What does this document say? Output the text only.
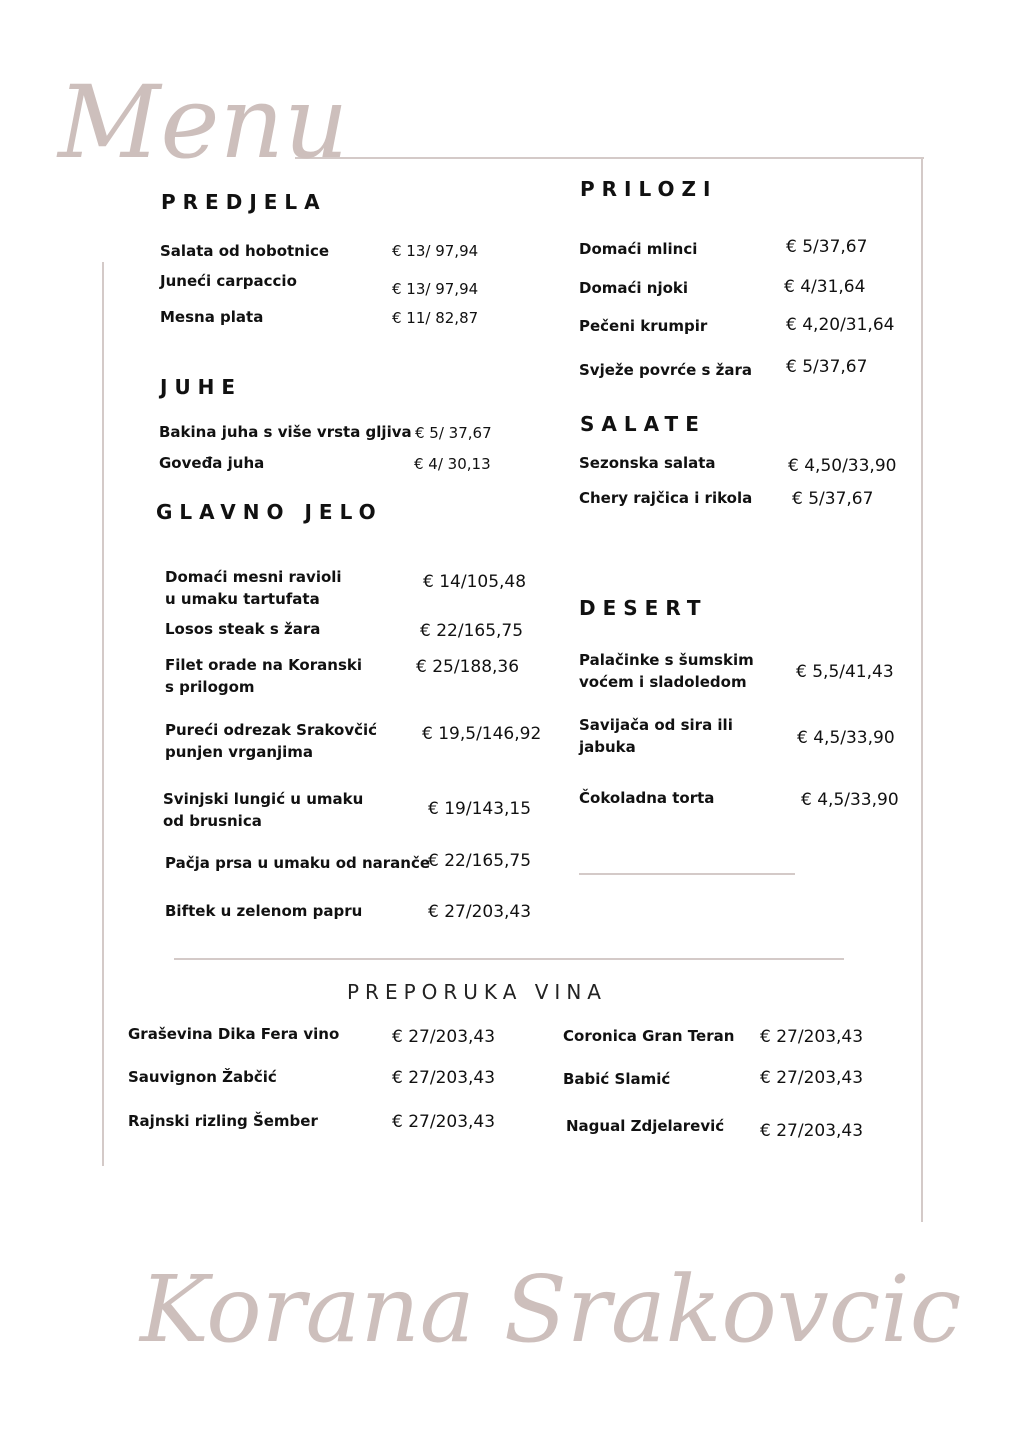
Menu
Korana Srakovcic
PREDJELA
Salata od hobotnice	€ 13/ 97,94
Juneći carpaccio	€ 13/ 97,94
Mesna plata	€ 11/ 82,87
JUHE
Bakina juha s više vrsta gljiva € 5/ 37,67
Goveđa juha	€ 4/ 30,13
GLAVNO JELO
Domaći mesni ravioli
u umaku tartufata
€ 14/105,48
Losos steak s žara	€ 22/165,75
Filet orade na Koranski
s prilogom
€ 25/188,36
Pureći odrezak Srakovčić
punjen vrganjima
€ 19,5/146,92
Svinjski lungić u umaku
od brusnica
€ 19/143,15
Pačja prsa u umaku od naranče
€ 22/165,75
Biftek u zelenom papru	€ 27/203,43
PRILOZI
Domaći mlinci	€ 5/37,67
Domaći njoki	€ 4/31,64
Pečeni krumpir	€ 4,20/31,64
Svježe povrće s žara € 5/37,67
SALATE
Sezonska salata	€ 4,50/33,90
Chery rajčica i rikola € 5/37,67
DESERT
Palačinke s šumskim
voćem i sladoledom	€ 5,5/41,43
Savijača od sira ili
jabuka	€ 4,5/33,90
Čokoladna torta	€ 4,5/33,90
PREPORUKA VINA
Graševina Dika Fera vino	€ 27/203,43
Sauvignon Žabčić	€ 27/203,43
Rajnski rizling Šember	€ 27/203,43
Coronica Gran Teran € 27/203,43
Babić Slamić	€ 27/203,43
Nagual Zdjelarević € 27/203,43
